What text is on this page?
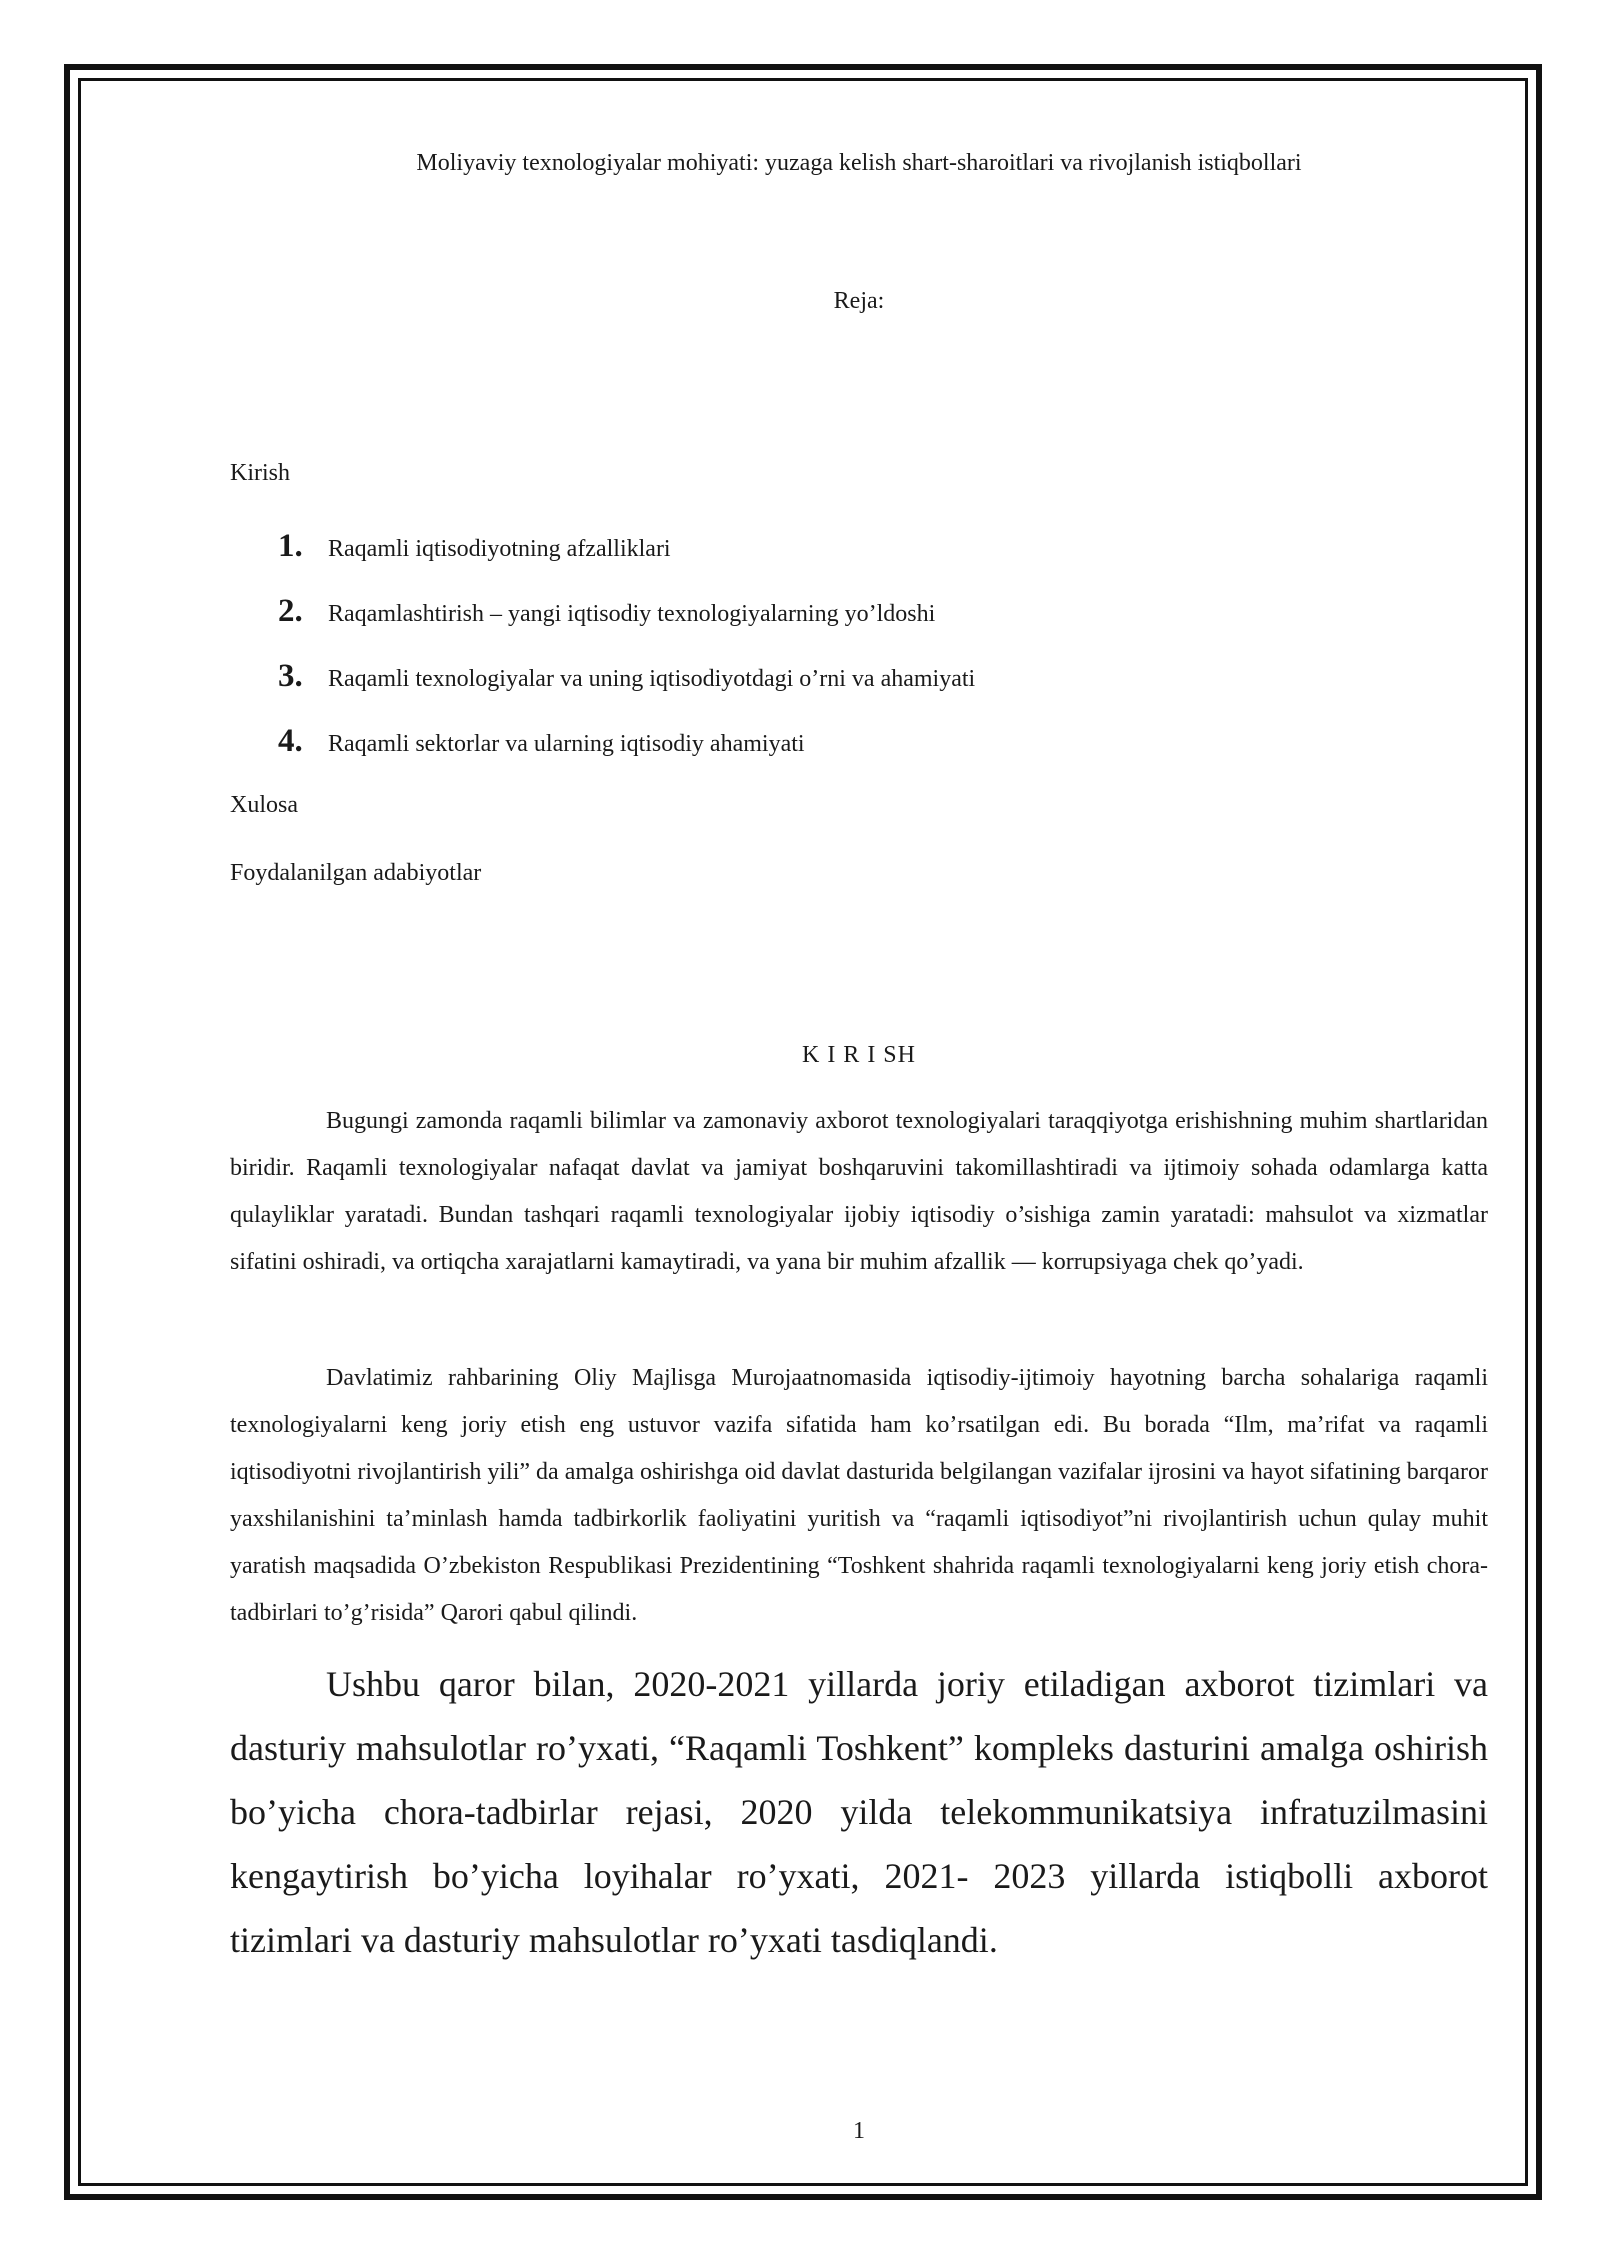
Moliyaviy texnologiyalar mohiyati: yuzaga kelish shart-sharoitlari va rivojlanish istiqbollari
Reja:
Kirish
1.	Raqamli iqtisodiyotning afzalliklari
2.	Raqamlashtirish – yangi iqtisodiy texnologiyalarning yo’ldoshi
3.	Raqamli texnologiyalar va uning iqtisodiyotdagi o’rni va ahamiyati
4.	Raqamli sektorlar va ularning iqtisodiy ahamiyati
Xulosa
Foydalanilgan adabiyotlar
K I R I SH

Bugungi zamonda raqamli bilimlar va zamonaviy axborot texnologiyalari taraqqiyotga erishishning muhim shartlaridan biridir. Raqamli texnologiyalar nafaqat davlat va jamiyat boshqaruvini takomillashtiradi va ijtimoiy sohada odamlarga katta qulayliklar yaratadi. Bundan tashqari raqamli texnologiyalar ijobiy iqtisodiy o’sishiga zamin yaratadi: mahsulot va xizmatlar sifatini oshiradi, va ortiqcha xarajatlarni kamaytiradi, va yana bir muhim afzallik — korrupsiyaga chek qo’yadi.

Davlatimiz rahbarining Oliy Majlisga Murojaatnomasida iqtisodiy-ijtimoiy hayotning barcha sohalariga raqamli texnologiyalarni keng joriy etish eng ustuvor vazifa sifatida ham ko’rsatilgan edi. Bu borada “Ilm, ma’rifat va raqamli iqtisodiyotni rivojlantirish yili” da amalga oshirishga oid davlat dasturida belgilangan vazifalar ijrosini va hayot sifatining barqaror yaxshilanishini ta’minlash hamda tadbirkorlik faoliyatini yuritish va “raqamli iqtisodiyot”ni rivojlantirish uchun qulay muhit yaratish maqsadida O’zbekiston Respublikasi Prezidentining “Toshkent shahrida raqamli texnologiyalarni keng joriy etish chora-tadbirlari to’g’risida” Qarori qabul qilindi.

Ushbu qaror bilan, 2020-2021 yillarda joriy etiladigan axborot tizimlari va dasturiy mahsulotlar ro’yxati, “Raqamli Toshkent” kompleks dasturini amalga oshirish bo’yicha chora-tadbirlar rejasi, 2020 yilda telekommunikatsiya infratuzilmasini kengaytirish bo’yicha loyihalar ro’yxati, 2021- 2023 yillarda istiqbolli axborot tizimlari va dasturiy mahsulotlar ro’yxati tasdiqlandi.

1
